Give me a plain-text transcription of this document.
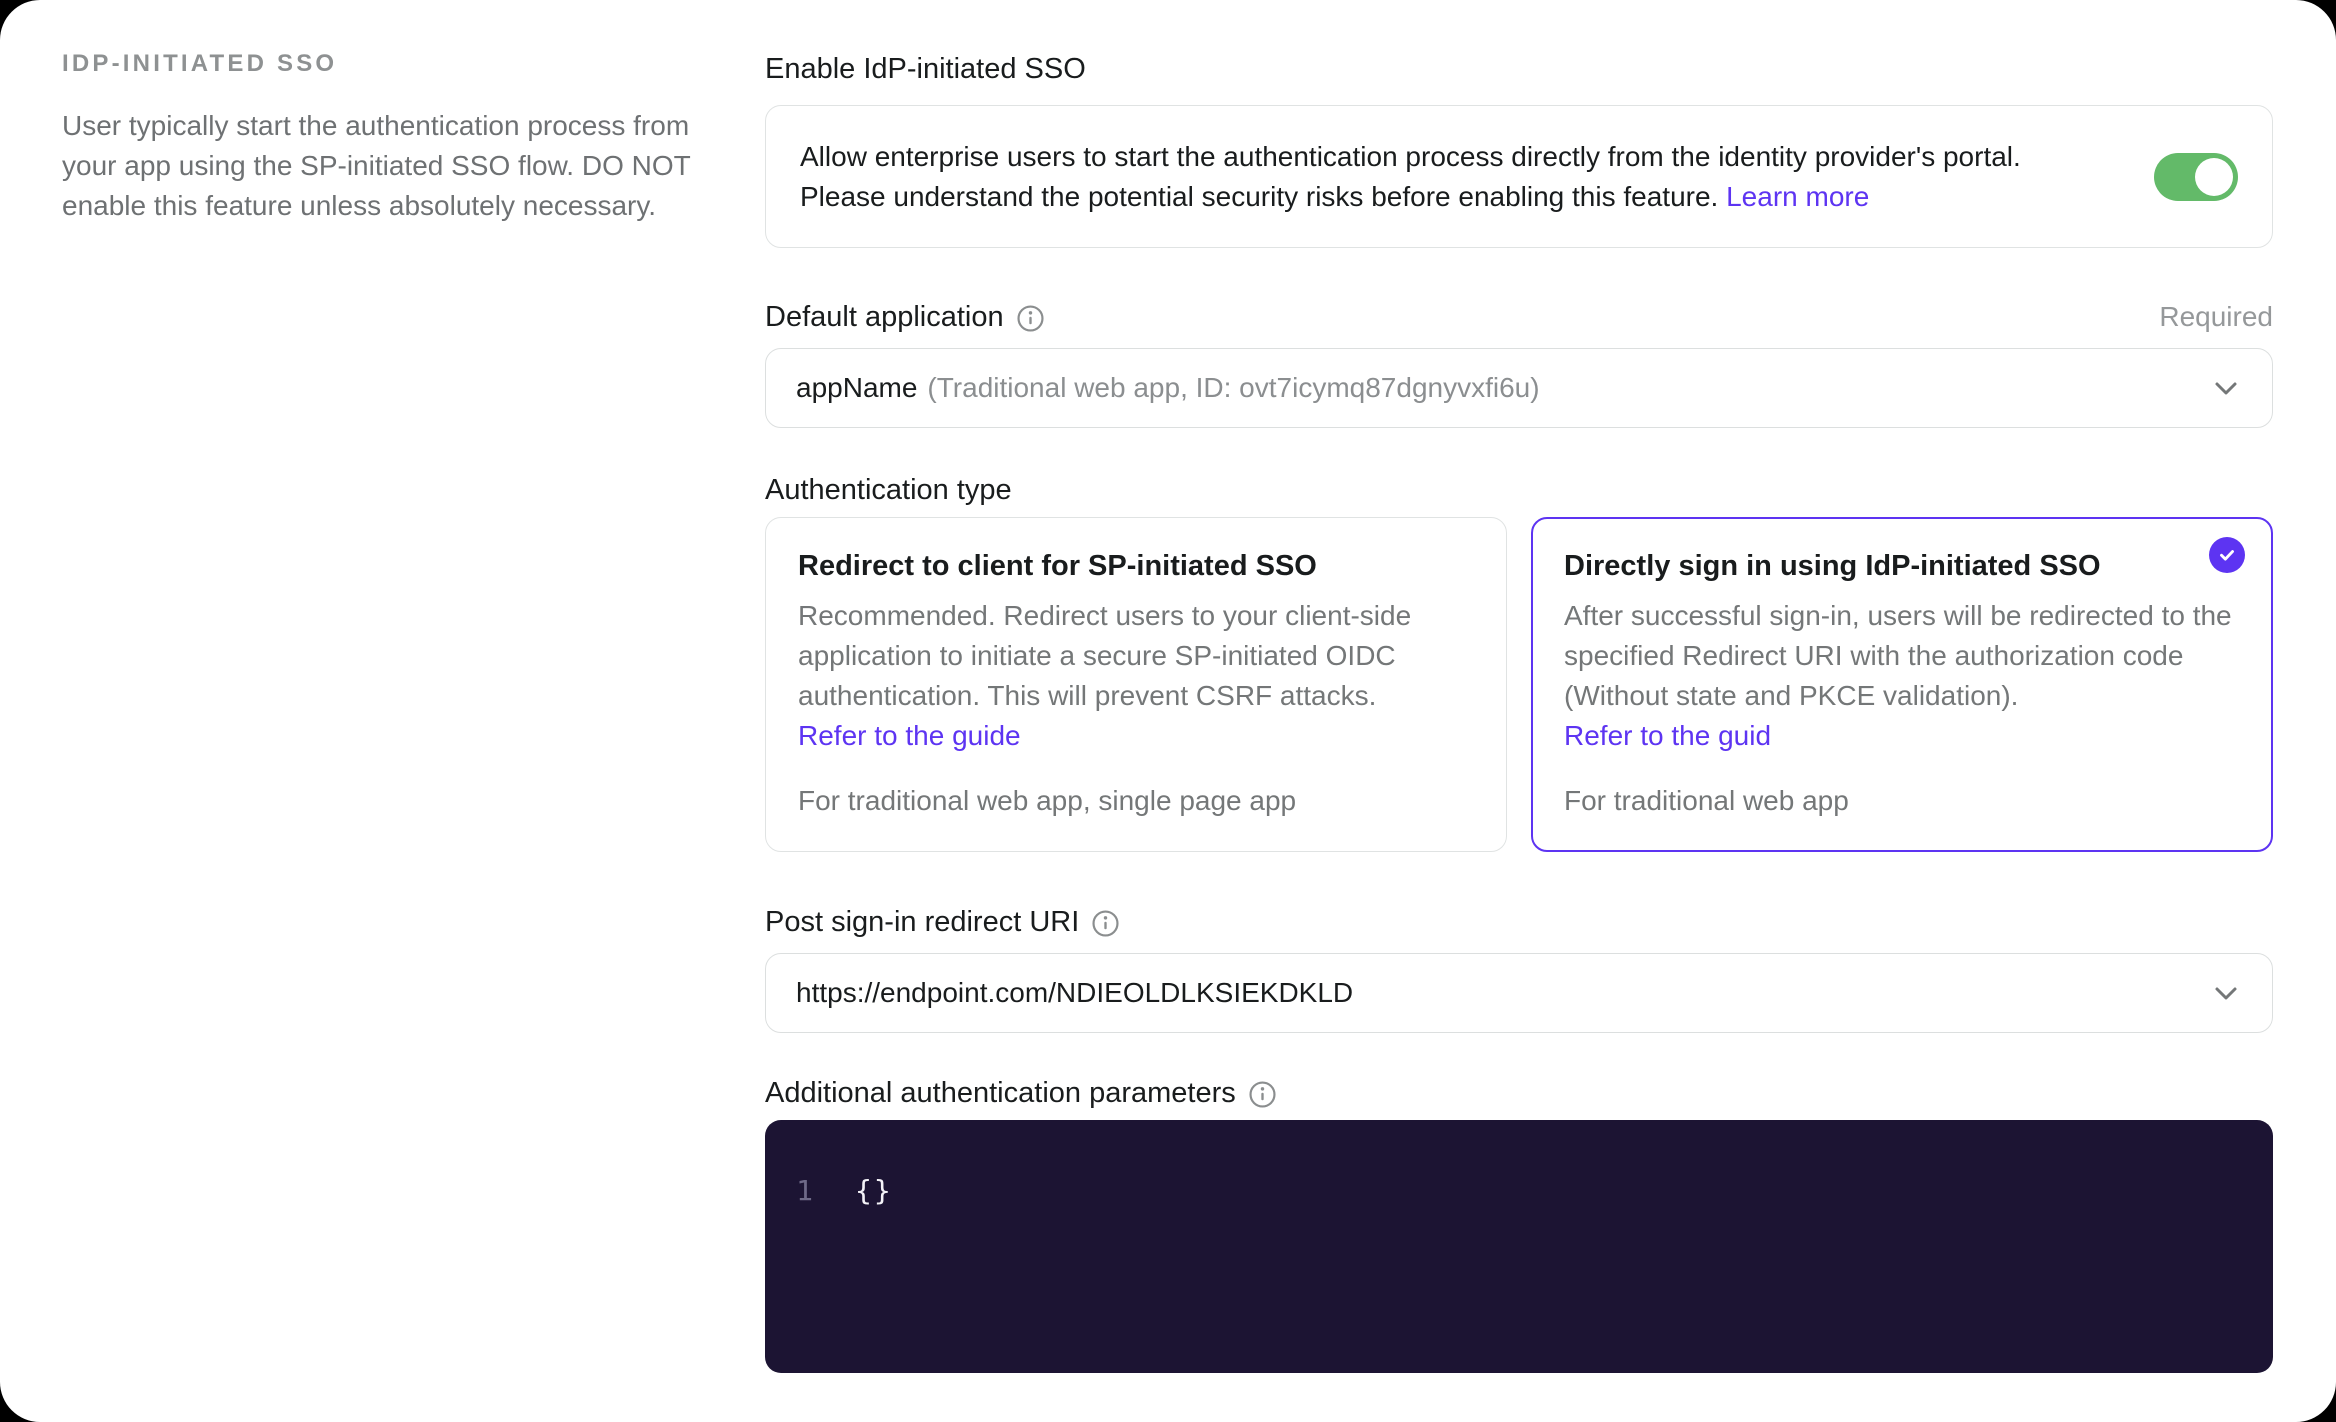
IDP-INITIATED SSO
User typically start the authentication process from your app using the SP-initiated SSO flow. DO NOT enable this feature unless absolutely necessary.
Enable IdP-initiated SSO
Allow enterprise users to start the authentication process directly from the identity provider's portal. Please understand the potential security risks before enabling this feature. Learn more
Default application	Required
appName (Traditional web app, ID: ovt7icymq87dgnyvxfi6u)
Authentication type
Redirect to client for SP-initiated SSO
Recommended. Redirect users to your client-side application to initiate a secure SP-initiated OIDC authentication. This will prevent CSRF attacks.
Refer to the guide
For traditional web app, single page app
Directly sign in using IdP-initiated SSO
After successful sign-in, users will be redirected to the specified Redirect URI with the authorization code (Without state and PKCE validation).
Refer to the guid
For traditional web app
Post sign-in redirect URI
https://endpoint.com/NDIEOLDLKSIEKDKLD
Additional authentication parameters
1 {}
